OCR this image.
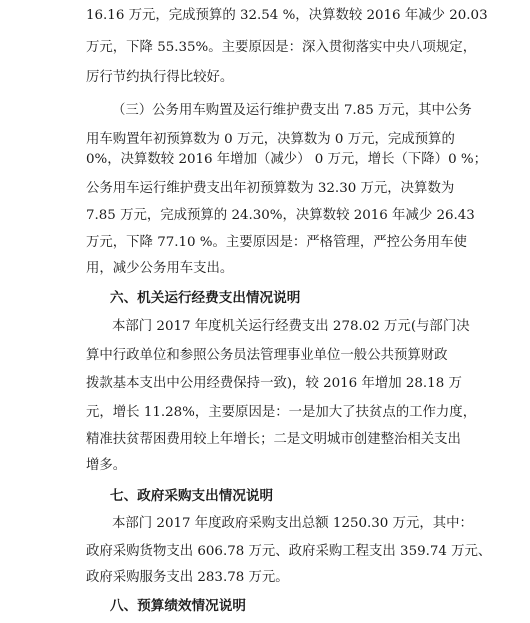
16.16 万元，完成预算的 32.54 %，决算数较 2016 年减少 20.03
万元，下降 55.35%。主要原因是：深入贯彻落实中央八项规定，
厉行节约执行得比较好。
（三）公务用车购置及运行维护费支出 7.85 万元，其中公务
用车购置年初预算数为 0 万元，决算数为 0 万元，完成预算的
0%，决算数较 2016 年增加（减少） 0 万元，增长（下降）0 %；
公务用车运行维护费支出年初预算数为 32.30 万元，决算数为
7.85 万元，完成预算的 24.30%，决算数较 2016 年减少 26.43
万元，下降 77.10 %。主要原因是：严格管理，严控公务用车使
用，减少公务用车支出。
六、机关运行经费支出情况说明
本部门 2017 年度机关运行经费支出 278.02 万元(与部门决
算中行政单位和参照公务员法管理事业单位一般公共预算财政
拨款基本支出中公用经费保持一致)，较 2016 年增加 28.18 万
元，增长 11.28%，主要原因是：一是加大了扶贫点的工作力度，
精准扶贫帮困费用较上年增长；二是文明城市创建整治相关支出
增多。
七、政府采购支出情况说明
本部门 2017 年度政府采购支出总额 1250.30 万元，其中：
政府采购货物支出 606.78 万元、政府采购工程支出 359.74 万元、
政府采购服务支出 283.78 万元。
八、预算绩效情况说明
